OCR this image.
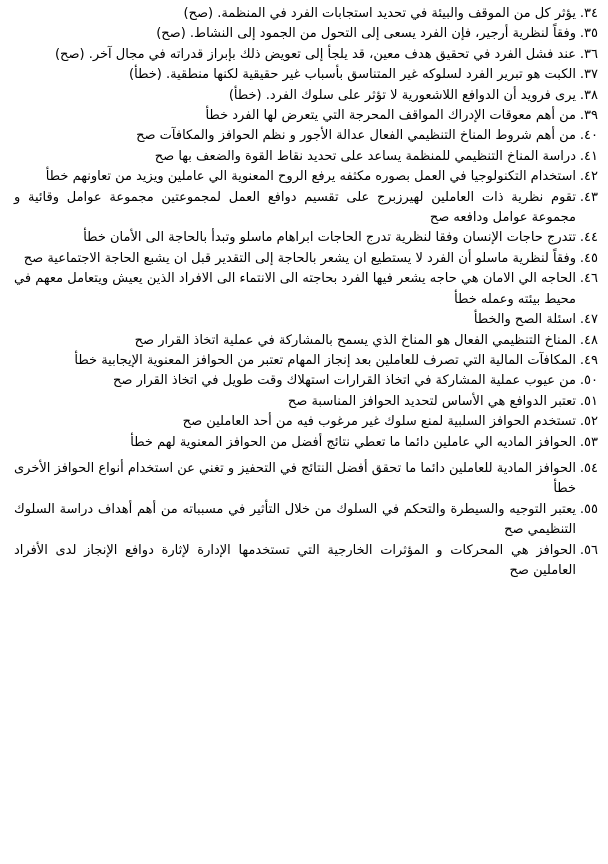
٣٤.
يؤثر كل من الموقف والبيئة في تحديد استجابات الفرد في المنظمة. (صح)
٣٥.
وفقاً لنظرية أرجير، فإن الفرد يسعى إلى التحول من الجمود إلى النشاط. (صح)
٣٦.
عند فشل الفرد في تحقيق هدف معين، قد يلجأ إلى تعويض ذلك بإبراز قدراته في مجال آخر. (صح)
٣٧.
الكبت هو تبرير الفرد لسلوكه غير المتناسق بأسباب غير حقيقية لكنها منطقية. (خطأ)
٣٨.
يرى فرويد أن الدوافع اللاشعورية لا تؤثر على سلوك الفرد. (خطأ)
٣٩.
من أهم معوقات الإدراك المواقف المحرجة التي يتعرض لها الفرد خطأ
٤٠.
من أهم شروط المناخ التنظيمي الفعال عدالة الأجور و نظم الحوافز والمكافآت صح
٤١.
دراسة المناخ التنظيمي للمنظمة يساعد على تحديد نقاط القوة والضعف بها صح
٤٢.
استخدام التكنولوجيا في العمل بصوره مكثفه يرفع الروح المعنوية الي عاملين ويزيد من تعاونهم خطأ
٤٣.
تقوم نظرية ذات العاملين لهيرزبرج على تقسيم دوافع العمل لمجموعتين مجموعة عوامل وقائية و مجموعة عوامل ودافعه صح
٤٤.
تتدرج حاجات الإنسان وفقا لنظرية تدرج الحاجات ابراهام ماسلو وتبدأ بالحاجة الى الأمان خطأ
٤٥.
وفقاً لنظرية ماسلو أن الفرد لا يستطيع ان يشعر بالحاجة إلى التقدير قبل ان يشبع الحاجة الاجتماعية صح
٤٦.
الحاجه الي الامان هي حاجه يشعر فيها الفرد بحاجته الى الانتماء الى الافراد الذين يعيش ويتعامل معهم في محيط بيئته وعمله خطأ
٤٧.
اسئلة الصح والخطأ
٤٨.
المناخ التنظيمي الفعال هو المناخ الذي يسمح بالمشاركة في عملية اتخاذ القرار صح
٤٩.
المكافآت المالية التي تصرف للعاملين بعد إنجاز المهام تعتبر من الحوافز المعنوية الإيجابية خطأ
٥٠.
من عيوب عملية المشاركة في اتخاذ القرارات استهلاك وقت طويل في اتخاذ القرار صح
٥١.
تعتبر الدوافع هي الأساس لتحديد الحوافز المناسبة صح
٥٢.
تستخدم الحوافز السلبية لمنع سلوك غير مرغوب فيه من أحد العاملين صح
٥٣.
الحوافز الماديه الي عاملين دائما ما تعطي نتائج أفضل من الحوافز المعنوية لهم خطأ
٥٤.
الحوافز المادية للعاملين دائما ما تحقق أفضل النتائج في التحفيز و تغني عن استخدام أنواع الحوافز الأخرى خطأ
٥٥.
يعتبر التوجيه والسيطرة والتحكم في السلوك من خلال التأثير في مسبباته من أهم أهداف دراسة السلوك التنظيمي صح
٥٦.
الحوافز هي المحركات و المؤثرات الخارجية التي تستخدمها الإدارة لإثارة دوافع الإنجاز لدى الأفراد العاملين صح
